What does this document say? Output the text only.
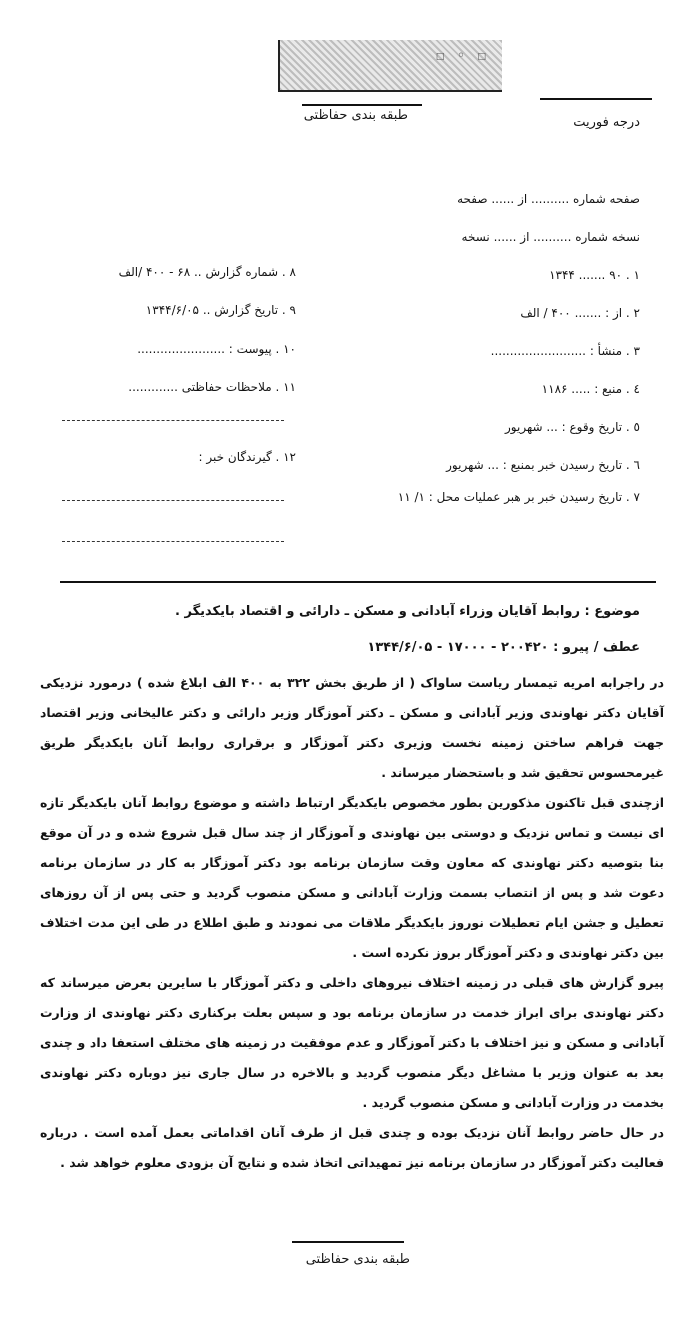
☐ ◦ ☐
طبقه بندی حفاظتی	درجه فوریت
صفحه شماره .......... از ...... صفحه
نسخه شماره .......... از ...... نسخه
۱ . ۹۰ ....... ۱۳۴۴
۲ . از : ....... ۴۰۰ / الف
۳ . منشأ : .........................
٤ . منبع : ..... ۱۱۸۶
٥ . تاریخ وقوع : ... شهریور
٦ . تاریخ رسیدن خبر بمنبع : ... شهریور
۷ . تاریخ رسیدن خبر بر هبر عملیات محل : ۱/ ۱۱
۸ . شماره گزارش .. ۶۸ - ۴۰۰ /الف
۹ . تاریخ گزارش .. ۱۳۴۴/۶/۰۵
۱۰ . پیوست : .......................
۱۱ . ملاحظات حفاظتی .............
۱۲ . گیرندگان خبر :
موضوع : روابط آقایان وزراء آبادانی و مسکن ـ دارائی و اقتصاد بایکدیگر .
عطف / پیرو : ۲۰۰۴۲۰ - ۱۷۰۰۰ - ۱۳۴۴/۶/۰۵

در راجرابه امریه تیمسار ریاست ساواک ( از طریق بخش ۳۲۲ به ۴۰۰ الف ابلاغ شده ) درمورد نزدیکی آقایان دکتر نهاوندی وزیر آبادانی و مسکن ـ دکتر آموزگار وزیر دارائی و دکتر عالیخانی وزیر اقتصاد جهت فراهم ساختن زمینه نخست وزیری دکتر آموزگار و برقراری روابط آنان بایکدیگر طریق غیرمحسوس تحقیق شد و باستحضار میرساند .

ازچندی قبل تاکنون مذکورین بطور مخصوص بایکدیگر ارتباط داشته و موضوع روابط آنان بایکدیگر تازه ای نیست و تماس نزدیک و دوستی بین نهاوندی و آموزگار از چند سال قبل شروع شده و در آن موقع بنا بتوصیه دکتر نهاوندی که معاون وقت سازمان برنامه بود دکتر آموزگار به کار در سازمان برنامه دعوت شد و پس از انتصاب بسمت وزارت آبادانی و مسکن منصوب گردید و حتی پس از آن روزهای تعطیل و جشن ایام تعطیلات نوروز بایکدیگر ملاقات می نمودند و طبق اطلاع در طی این مدت اختلاف بین دکتر نهاوندی و دکتر آموزگار بروز نکرده است .

پیرو گزارش های قبلی در زمینه اختلاف نیروهای داخلی و دکتر آموزگار با سایرین بعرض میرساند که دکتر نهاوندی برای ابراز خدمت در سازمان برنامه بود و سپس بعلت برکناری دکتر نهاوندی از وزارت آبادانی و مسکن و نیز اختلاف با دکتر آموزگار و عدم موفقیت در زمینه های مختلف استعفا داد و چندی بعد به عنوان وزیر با مشاغل دیگر منصوب گردید و بالاخره در سال جاری نیز دوباره دکتر نهاوندی بخدمت در وزارت آبادانی و مسکن منصوب گردید .

در حال حاضر روابط آنان نزدیک بوده و چندی قبل از طرف آنان اقداماتی بعمل آمده است . درباره فعالیت دکتر آموزگار در سازمان برنامه نیز تمهیداتی اتخاذ شده و نتایج آن بزودی معلوم خواهد شد .

طبقه بندی حفاظتی
